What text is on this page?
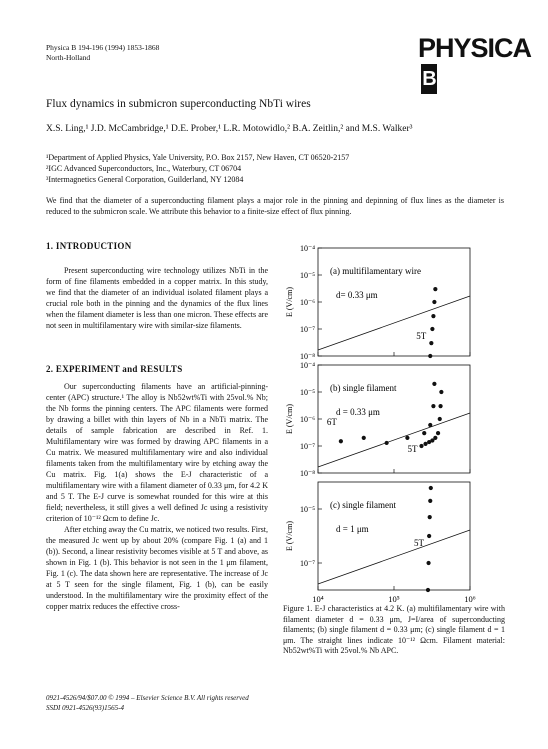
Physica B 194-196 (1994) 1853-1868
North-Holland	PHYSICAB
Flux dynamics in submicron superconducting NbTi wires
X.S. Ling,¹ J.D. McCambridge,¹ D.E. Prober,¹ L.R. Motowidlo,² B.A. Zeitlin,² and M.S. Walker³
¹Department of Applied Physics, Yale University, P.O. Box 2157, New Haven, CT 06520-2157
²IGC Advanced Superconductors, Inc., Waterbury, CT 06704
³Intermagnetics General Corporation, Guilderland, NY 12084
We find that the diameter of a superconducting filament plays a major role in the pinning and depinning of flux lines as the diameter is reduced to the submicron scale. We attribute this behavior to a finite-size effect of flux pinning.
1. INTRODUCTION

Present superconducting wire technology utilizes NbTi in the form of fine filaments embedded in a copper matrix. In this study, we find that the diameter of an individual isolated filament plays a crucial role both in the pinning and the dynamics of the flux lines when the filament diameter is less than one micron. These effects are not seen in multifilamentary wire with similar-size filaments.

2. EXPERIMENT and RESULTS

Our superconducting filaments have an artificial-pinning-center (APC) structure.¹ The alloy is Nb52wt%Ti with 25vol.% Nb; the Nb forms the pinning centers. The APC filaments were formed by drawing a billet with thin layers of Nb in a NbTi matrix. The details of sample fabrication are described in Ref. 1. Multifilamentary wire was formed by drawing APC filaments in a Cu matrix. We measured multifilamentary wire and also individual filaments taken from the multifilamentary wire by etching away the Cu matrix. Fig. 1(a) shows the E-J characteristic of a multifilamentary wire with a filament diameter of 0.33 μm, for 4.2 K and 5 T. The E-J curve is somewhat rounded for this wire at this field; nevertheless, it still gives a well defined Jc using a resistivity criterion of 10⁻¹² Ωcm to define Jc.

After etching away the Cu matrix, we noticed two results. First, the measured Jc went up by about 20% (compare Fig. 1 (a) and 1 (b)). Second, a linear resistivity becomes visible at 5 T and above, as shown in Fig. 1 (b). This behavior is not seen in the 1 μm filament, Fig. 1 (c). The data shown here are representative. The increase of Jc at 5 T seen for the single filament, Fig. 1 (b), can be easily understood. In the multifilamentary wire the proximity effect of the copper matrix reduces the effective cross-

10⁻⁴
10⁻⁵
10⁻⁶
10⁻⁷
10⁻⁸
E (V/cm)
(a) multifilamentary wire
d= 0.33 μm
10⁻⁴
10⁻⁵
10⁻⁶
10⁻⁷
10⁻⁸
E (V/cm)
(b) single filament
d = 0.33 μm
10⁻⁵
10⁻⁷
E (V/cm)
(c) single filament
d = 1 μm
5T
5T
6T
5T
10⁴	10⁵	10⁶
Figure 1. E-J characteristics at 4.2 K. (a) multifilamentary wire with filament diameter d = 0.33 μm, J=I/area of superconducting filaments; (b) single filament d = 0.33 μm; (c) single filament d = 1 μm. The straight lines indicate 10⁻¹² Ωcm. Filament material: Nb52wt%Ti with 25vol.% Nb APC.
0921-4526/94/$07.00 © 1994 – Elsevier Science B.V. All rights reserved
SSDI 0921-4526(93)1565-4
